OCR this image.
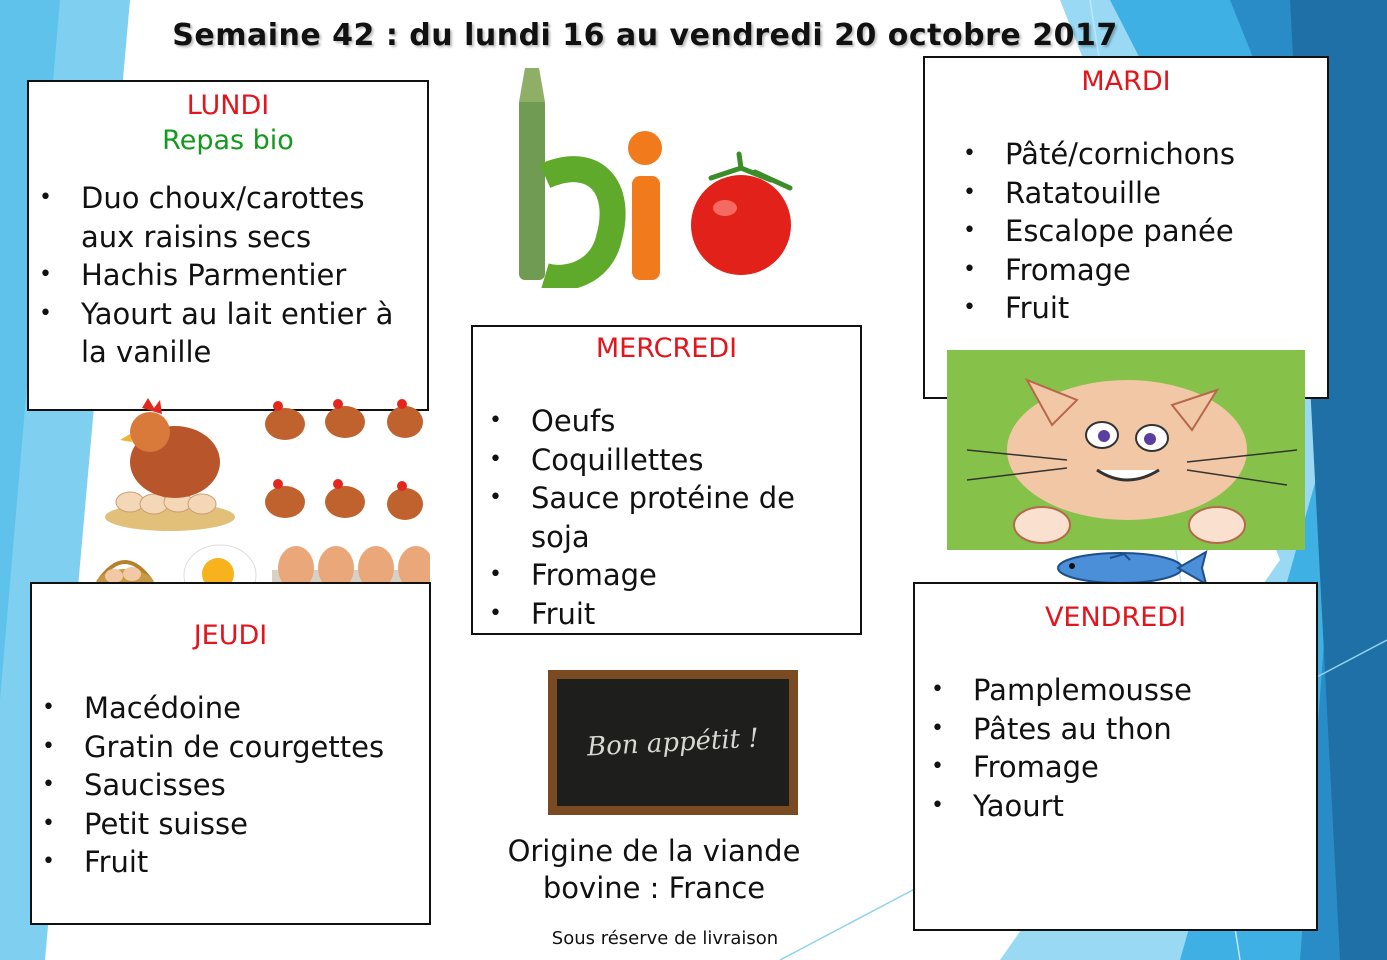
Semaine 42 : du lundi 16 au vendredi 20 octobre 2017
LUNDI
Repas bio
• Duo choux/carottes aux raisins secs
• Hachis Parmentier
• Yaourt au lait entier à la vanille
MARDI
• Pâté/cornichons
• Ratatouille
• Escalope panée
• Fromage
• Fruit
MERCREDI
• Oeufs
• Coquillettes
• Sauce protéine de soja
• Fromage
• Fruit
JEUDI
• Macédoine
• Gratin de courgettes
• Saucisses
• Petit suisse
• Fruit
Bon appétit !
Origine de la viande bovine : France
Sous réserve de livraison
VENDREDI
• Pamplemousse
• Pâtes au thon
• Fromage
• Yaourt
